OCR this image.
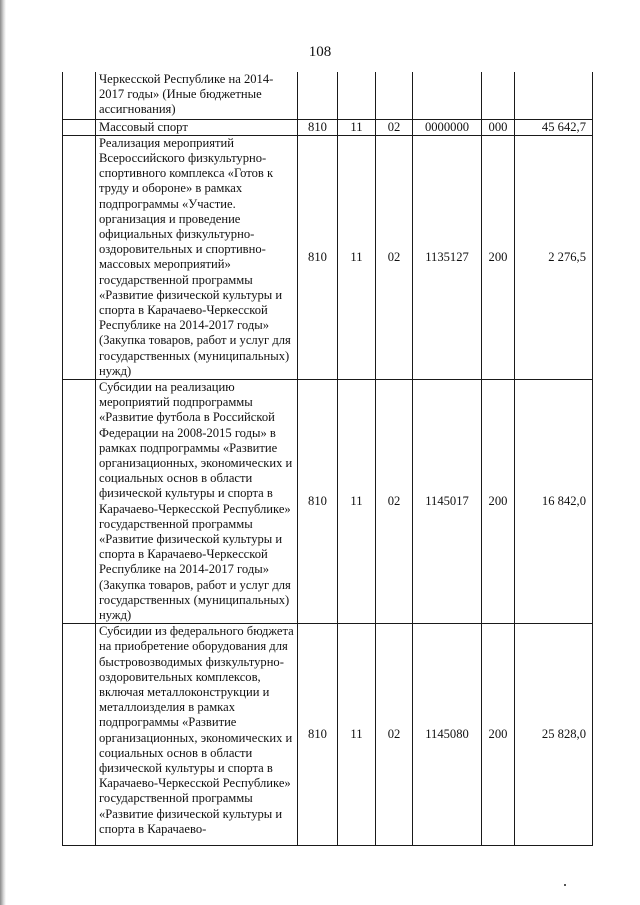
108
	Черкесской Республике на 2014-2017 годы» (Иные бюджетные ассигнования)						
	Массовый спорт	810	11	02	0000000	000	45 642,7
	Реализация мероприятий Всероссийского физкультурно-спортивного комплекса «Готов к труду и обороне» в рамках подпрограммы «Участие. организация и проведение официальных физкультурно-оздоровительных и спортивно-массовых мероприятий» государственной программы «Развитие физической культуры и спорта в Карачаево-Черкесской Республике на 2014-2017 годы» (Закупка товаров, работ и услуг для государственных (муниципальных) нужд)	810	11	02	1135127	200	2 276,5
	Субсидии на реализацию мероприятий подпрограммы «Развитие футбола в Российской Федерации на 2008-2015 годы» в рамках подпрограммы «Развитие организационных, экономических и социальных основ в области физической культуры и спорта в Карачаево-Черкесской Республике» государственной программы «Развитие физической культуры и спорта в Карачаево-Черкесской Республике на 2014-2017 годы» (Закупка товаров, работ и услуг для государственных (муниципальных) нужд)	810	11	02	1145017	200	16 842,0
	Субсидии из федерального бюджета на приобретение оборудования для быстровозводимых физкультурно-оздоровительных комплексов, включая металлоконструкции и металлоизделия в рамках подпрограммы «Развитие организационных, экономических и социальных основ в области физической культуры и спорта в Карачаево-Черкесской Республике» государственной программы «Развитие физической культуры и спорта в Карачаево-	810	11	02	1145080	200	25 828,0
